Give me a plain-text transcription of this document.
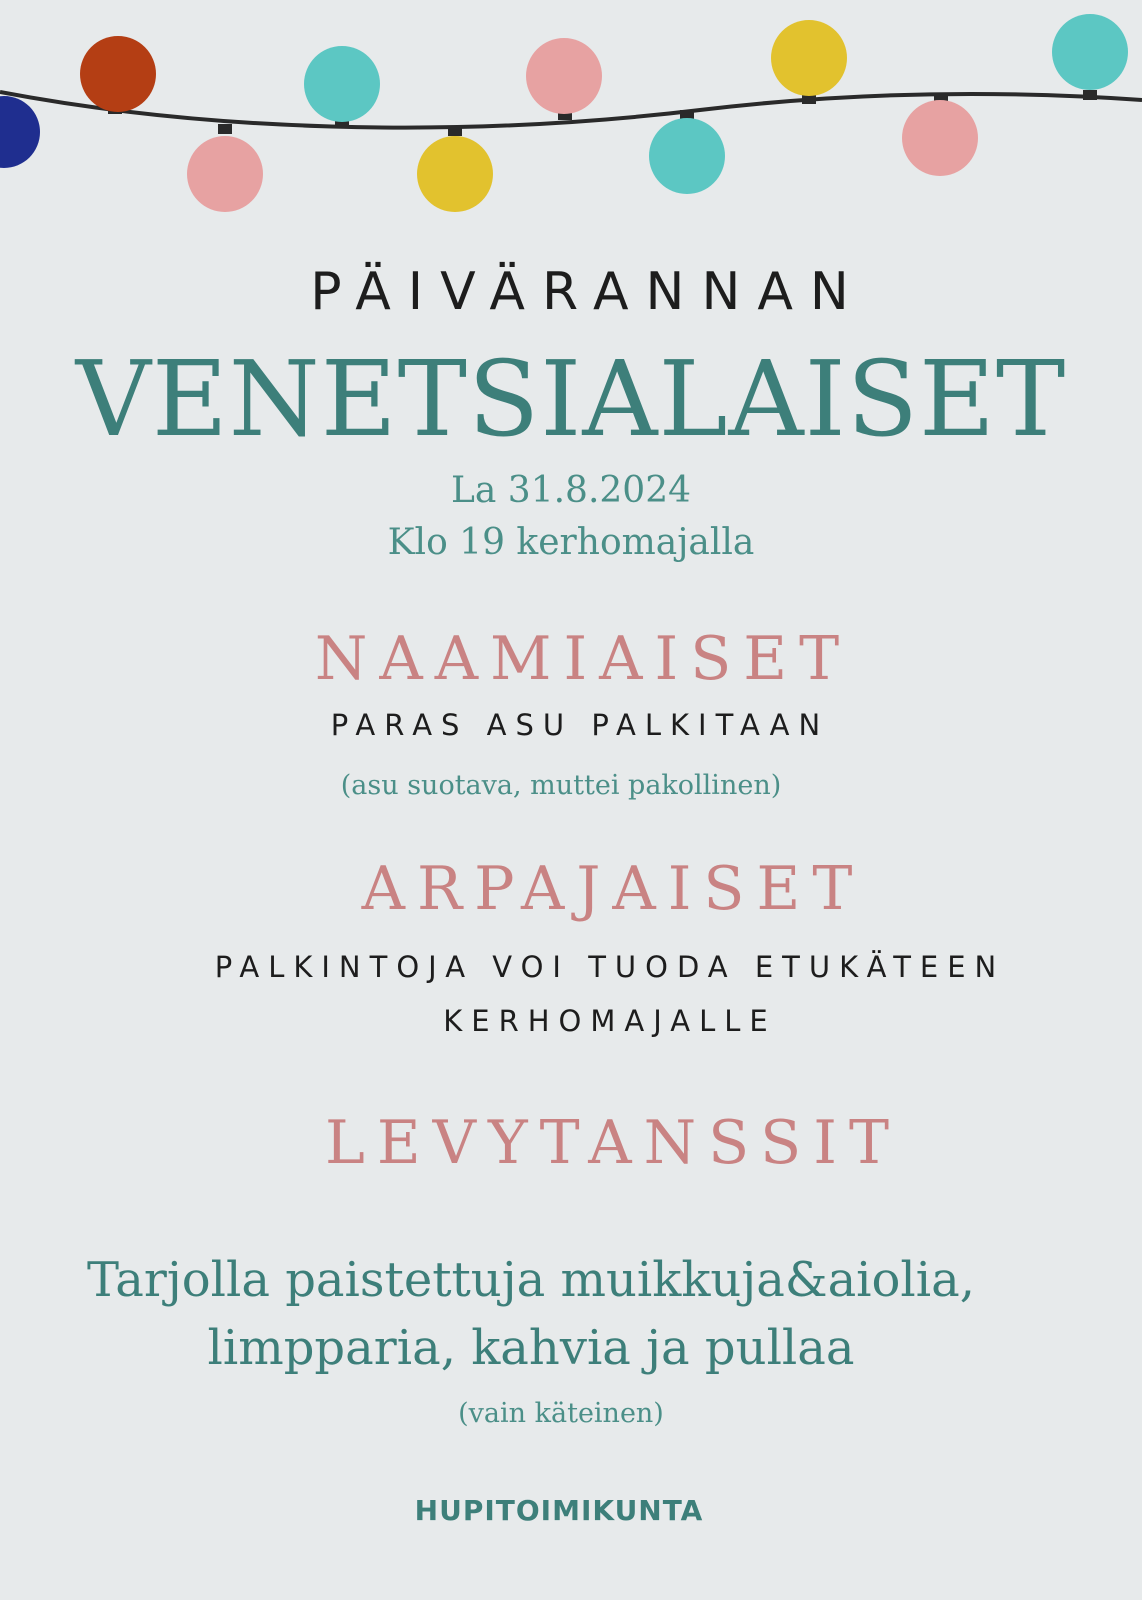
PÄIVÄRANNAN
VENETSIALAISET
La 31.8.2024
Klo 19 kerhomajalla
NAAMIAISET
PARAS ASU PALKITAAN
(asu suotava, muttei pakollinen)
ARPAJAISET
PALKINTOJA VOI TUODA ETUKÄTEEN
KERHOMAJALLE
LEVYTANSSIT
Tarjolla paistettuja muikkuja&aiolia,
limpparia, kahvia ja pullaa
(vain käteinen)
HUPITOIMIKUNTA
